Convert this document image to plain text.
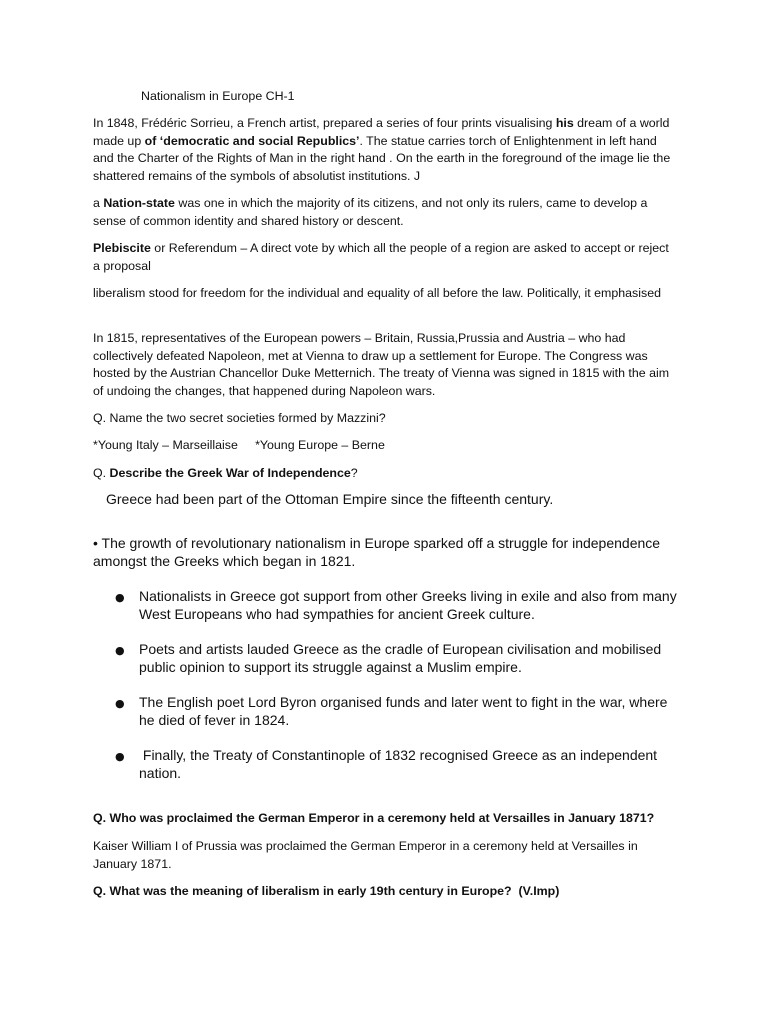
Nationalism in Europe CH-1

In 1848, Frédéric Sorrieu, a French artist, prepared a series of four prints visualising his dream of a world made up of ‘democratic and social Republics’. The statue carries torch of Enlightenment in left hand and the Charter of the Rights of Man in the right hand . On the earth in the foreground of the image lie the shattered remains of the symbols of absolutist institutions. J

a Nation-state was one in which the majority of its citizens, and not only its rulers, came to develop a sense of common identity and shared history or descent.

Plebiscite or Referendum – A direct vote by which all the people of a region are asked to accept or reject a proposal

liberalism stood for freedom for the individual and equality of all before the law. Politically, it emphasised

In 1815, representatives of the European powers – Britain, Russia,Prussia and Austria – who had collectively defeated Napoleon, met at Vienna to draw up a settlement for Europe. The Congress was hosted by the Austrian Chancellor Duke Metternich. The treaty of Vienna was signed in 1815 with the aim of undoing the changes, that happened during Napoleon wars.

Q. Name the two secret societies formed by Mazzini?

*Young Italy – Marseillaise     *Young Europe – Berne

Q. Describe the Greek War of Independence?

Greece had been part of the Ottoman Empire since the fifteenth century.

• The growth of revolutionary nationalism in Europe sparked off a struggle for independence amongst the Greeks which began in 1821.

●	Nationalists in Greece got support from other Greeks living in exile and also from many West Europeans who had sympathies for ancient Greek culture.

●	Poets and artists lauded Greece as the cradle of European civilisation and mobilised public opinion to support its struggle against a Muslim empire.

●	The English poet Lord Byron organised funds and later went to fight in the war, where he died of fever in 1824.

●	Finally, the Treaty of Constantinople of 1832 recognised Greece as an independent nation.

Q. Who was proclaimed the German Emperor in a ceremony held at Versailles in January 1871?

Kaiser William I of Prussia was proclaimed the German Emperor in a ceremony held at Versailles in January 1871.

Q. What was the meaning of liberalism in early 19th century in Europe?  (V.Imp)
